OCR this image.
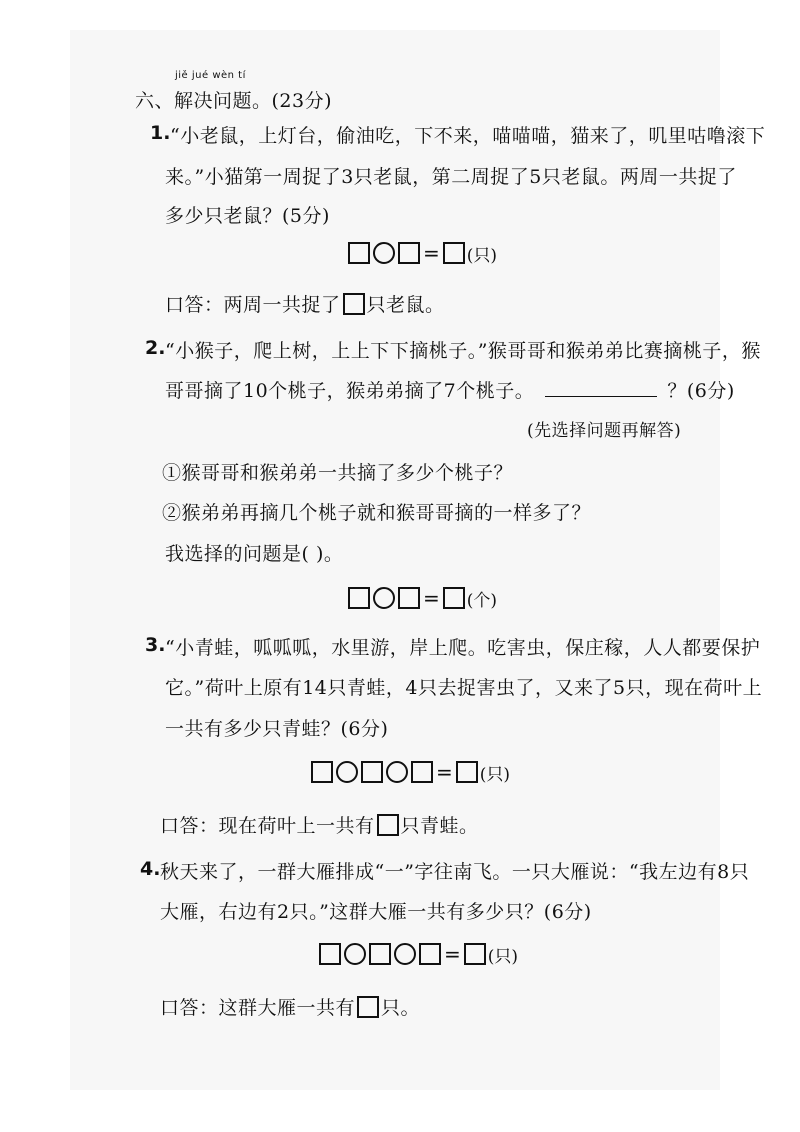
jiě jué wèn tí
六、解决问题。(23分)
1. “小老鼠，上灯台，偷油吃，下不来，喵喵喵，猫来了，叽里咕噜滚下
来。”小猫第一周捉了3只老鼠，第二周捉了5只老鼠。两周一共捉了
多少只老鼠？(5分)
= (只)
口答：两周一共捉了 只老鼠。
2. “小猴子，爬上树，上上下下摘桃子。”猴哥哥和猴弟弟比赛摘桃子，猴
哥哥摘了10个桃子，猴弟弟摘了7个桃子。	？(6分)
(先选择问题再解答)
①猴哥哥和猴弟弟一共摘了多少个桃子？
②猴弟弟再摘几个桃子就和猴哥哥摘的一样多了？
我选择的问题是( )。
= (个)
3. “小青蛙，呱呱呱，水里游，岸上爬。吃害虫，保庄稼，人人都要保护
它。”荷叶上原有14只青蛙，4只去捉害虫了，又来了5只，现在荷叶上
一共有多少只青蛙？(6分)
= (只)
口答：现在荷叶上一共有 只青蛙。
4. 秋天来了，一群大雁排成“一”字往南飞。一只大雁说：“我左边有8只
大雁，右边有2只。”这群大雁一共有多少只？(6分)
= (只)
口答：这群大雁一共有 只。
